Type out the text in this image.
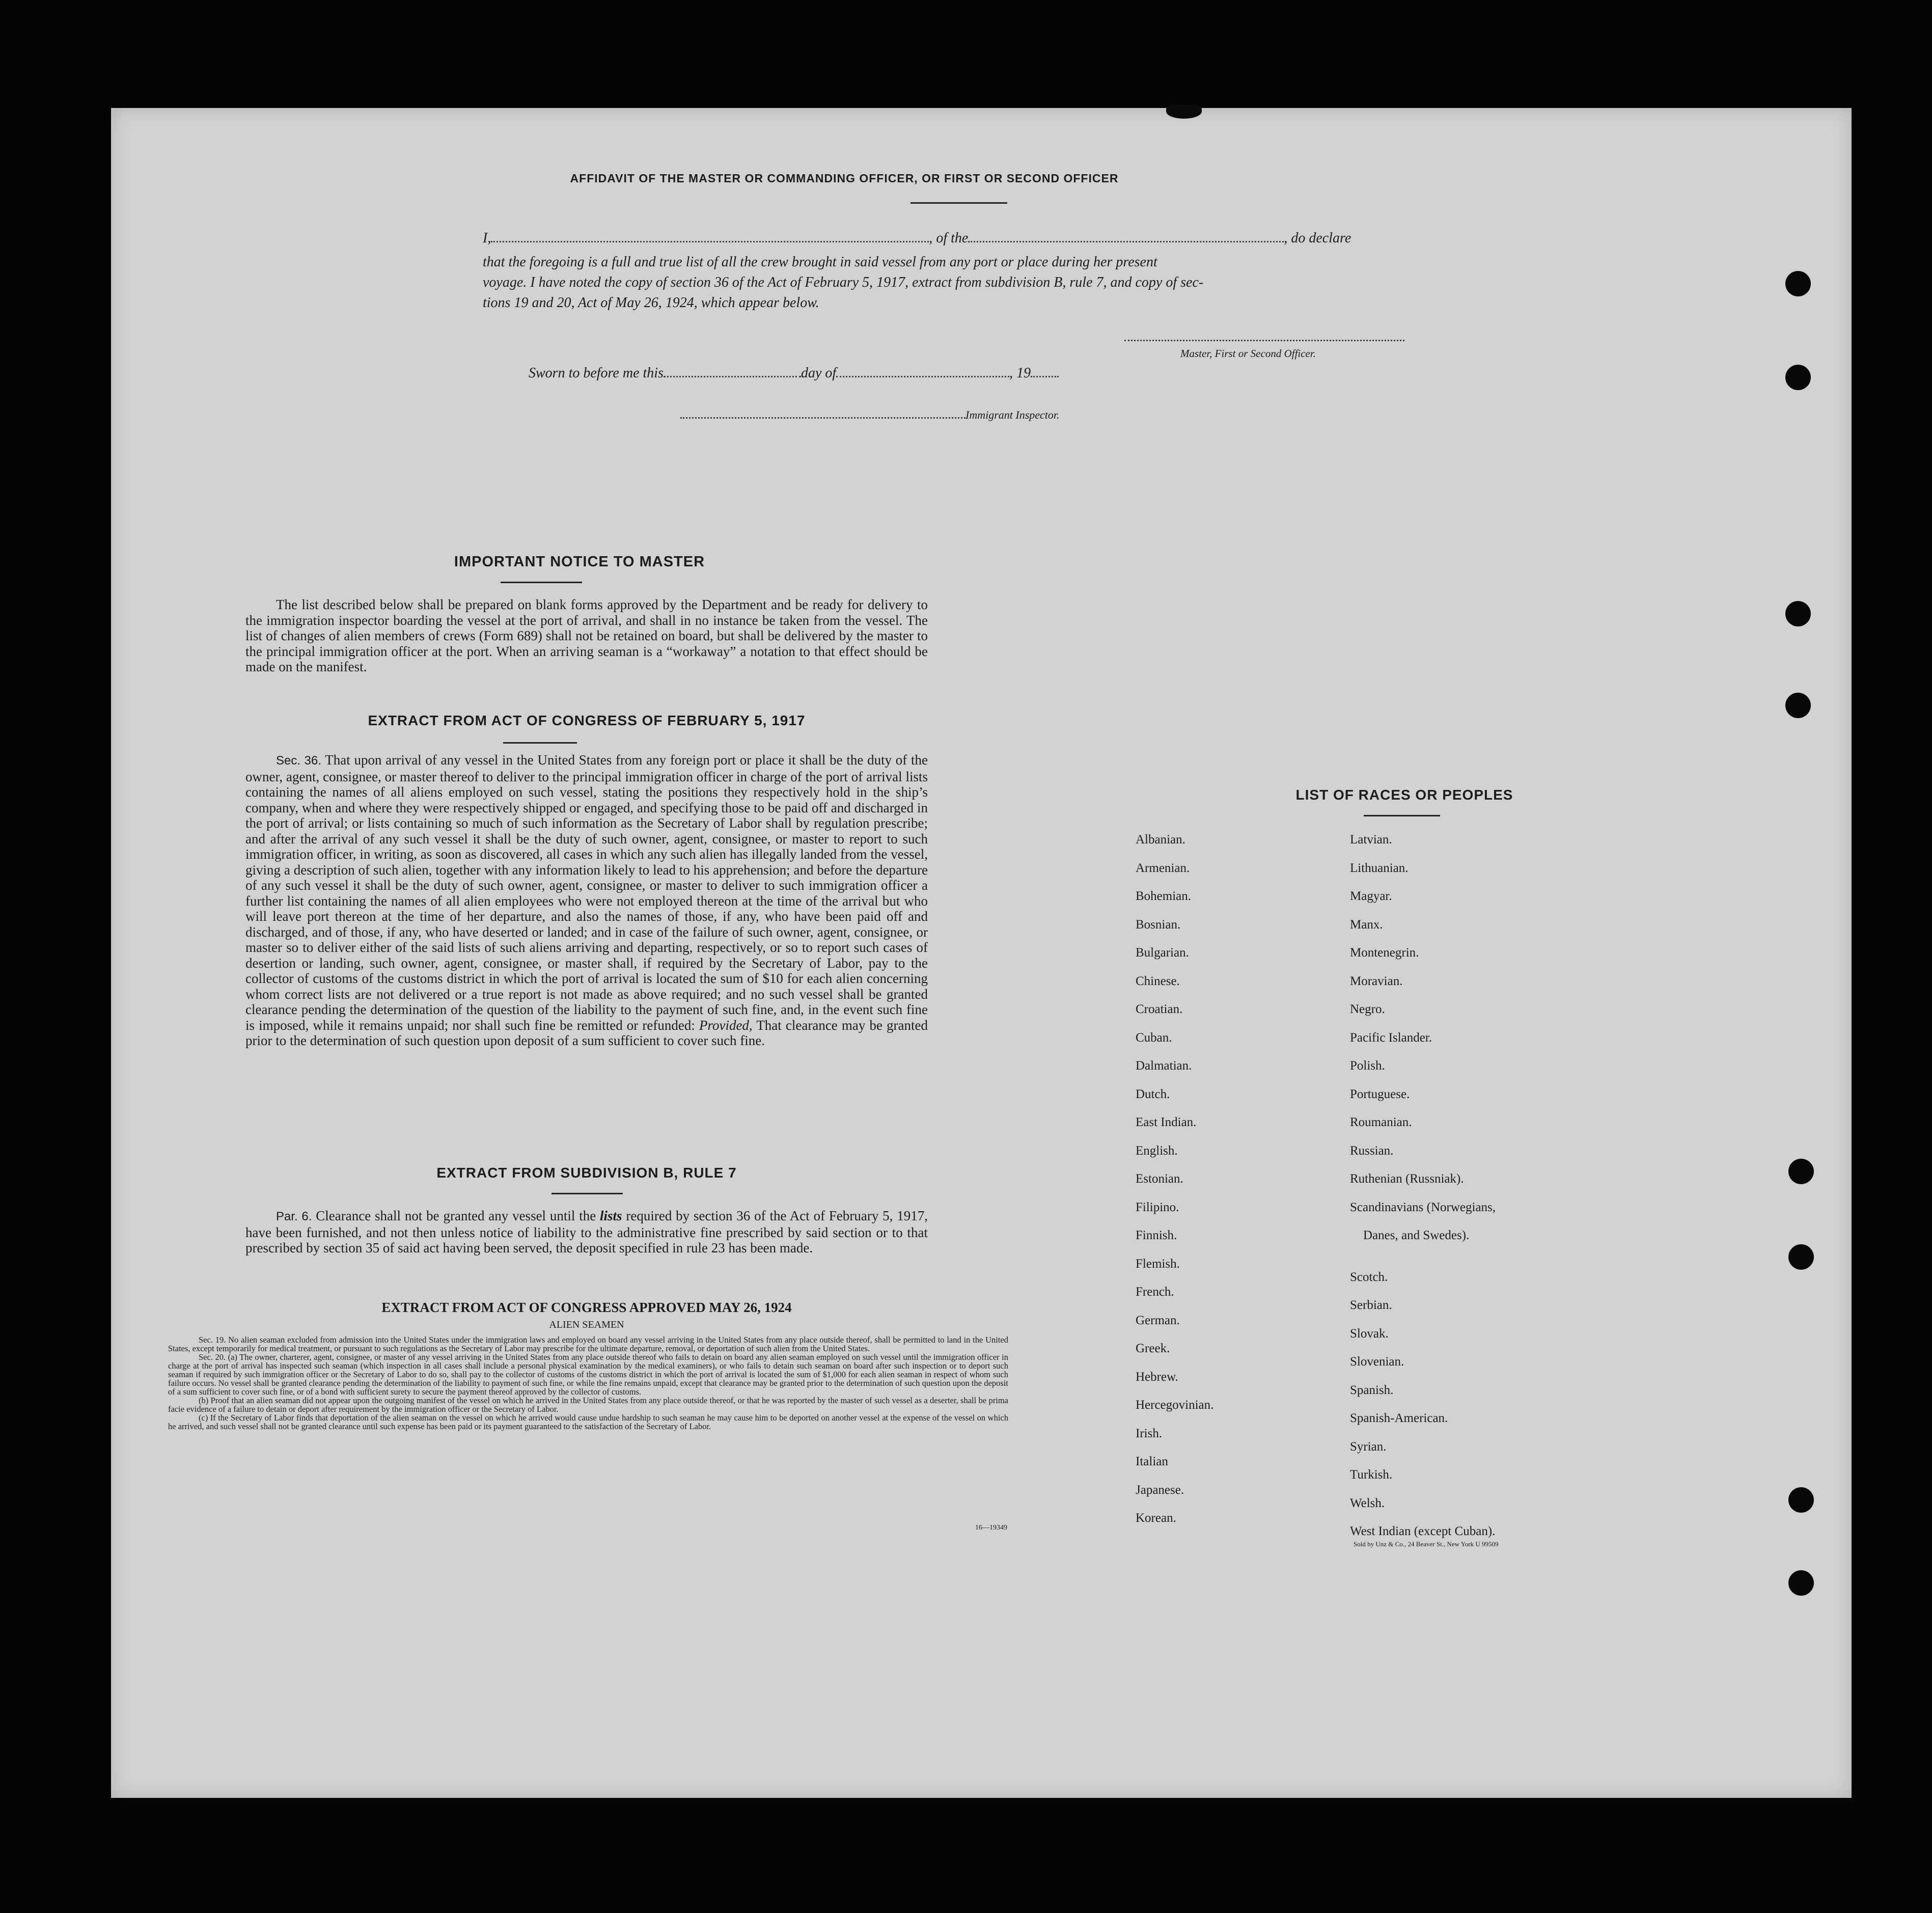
AFFIDAVIT OF THE MASTER OR COMMANDING OFFICER, OR FIRST OR SECOND OFFICER
I,	, of the	, do declare
that the foregoing is a full and true list of all the crew brought in said vessel from any port or place during her present
voyage. I have noted the copy of section 36 of the Act of February 5, 1917, extract from subdivision B, rule 7, and copy of sec-
tions 19 and 20, Act of May 26, 1924, which appear below.
Master, First or Second Officer.
Sworn to before me this	day of	, 19
Immigrant Inspector.
IMPORTANT NOTICE TO MASTER
The list described below shall be prepared on blank forms approved by the Department and be ready for delivery to the immigration inspector boarding the vessel at the port of arrival, and shall in no instance be taken from the vessel. The list of changes of alien members of crews (Form 689) shall not be retained on board, but shall be delivered by the master to the principal immigration officer at the port. When an arriving seaman is a “workaway” a notation to that effect should be made on the manifest.
EXTRACT FROM ACT OF CONGRESS OF FEBRUARY 5, 1917
Sec. 36. That upon arrival of any vessel in the United States from any foreign port or place it shall be the duty of the owner, agent, consignee, or master thereof to deliver to the principal immigration officer in charge of the port of arrival lists containing the names of all aliens employed on such vessel, stating the positions they respectively hold in the ship’s company, when and where they were respectively shipped or engaged, and specifying those to be paid off and discharged in the port of arrival; or lists containing so much of such information as the Secretary of Labor shall by regulation prescribe; and after the arrival of any such vessel it shall be the duty of such owner, agent, consignee, or master to report to such immigration officer, in writing, as soon as discovered, all cases in which any such alien has illegally landed from the vessel, giving a description of such alien, together with any information likely to lead to his apprehension; and before the departure of any such vessel it shall be the duty of such owner, agent, consignee, or master to deliver to such immigration officer a further list containing the names of all alien employees who were not employed thereon at the time of the arrival but who will leave port thereon at the time of her departure, and also the names of those, if any, who have been paid off and discharged, and of those, if any, who have deserted or landed; and in case of the failure of such owner, agent, consignee, or master so to deliver either of the said lists of such aliens arriving and departing, respectively, or so to report such cases of desertion or landing, such owner, agent, consignee, or master shall, if required by the Secretary of Labor, pay to the collector of customs of the customs district in which the port of arrival is located the sum of $10 for each alien concerning whom correct lists are not delivered or a true report is not made as above required; and no such vessel shall be granted clearance pending the determination of the question of the liability to the payment of such fine, and, in the event such fine is imposed, while it remains unpaid; nor shall such fine be remitted or refunded: Provided, That clearance may be granted prior to the determination of such question upon deposit of a sum sufficient to cover such fine.
EXTRACT FROM SUBDIVISION B, RULE 7
Par. 6. Clearance shall not be granted any vessel until the lists required by section 36 of the Act of February 5, 1917, have been furnished, and not then unless notice of liability to the administrative fine prescribed by said section or to that prescribed by section 35 of said act having been served, the deposit specified in rule 23 has been made.
EXTRACT FROM ACT OF CONGRESS APPROVED MAY 26, 1924
ALIEN SEAMEN
Sec. 19. No alien seaman excluded from admission into the United States under the immigration laws and employed on board any vessel arriving in the United States from any place outside thereof, shall be permitted to land in the United States, except temporarily for medical treatment, or pursuant to such regulations as the Secretary of Labor may prescribe for the ultimate departure, removal, or deportation of such alien from the United States.
Sec. 20. (a) The owner, charterer, agent, consignee, or master of any vessel arriving in the United States from any place outside thereof who fails to detain on board any alien seaman employed on such vessel until the immigration officer in charge at the port of arrival has inspected such seaman (which inspection in all cases shall include a personal physical examination by the medical examiners), or who fails to detain such seaman on board after such inspection or to deport such seaman if required by such immigration officer or the Secretary of Labor to do so, shall pay to the collector of customs of the customs district in which the port of arrival is located the sum of $1,000 for each alien seaman in respect of whom such failure occurs. No vessel shall be granted clearance pending the determination of the liability to payment of such fine, or while the fine remains unpaid, except that clearance may be granted prior to the determination of such question upon the deposit of a sum sufficient to cover such fine, or of a bond with sufficient surety to secure the payment thereof approved by the collector of customs.
(b) Proof that an alien seaman did not appear upon the outgoing manifest of the vessel on which he arrived in the United States from any place outside thereof, or that he was reported by the master of such vessel as a deserter, shall be prima facie evidence of a failure to detain or deport after requirement by the immigration officer or the Secretary of Labor.
(c) If the Secretary of Labor finds that deportation of the alien seaman on the vessel on which he arrived would cause undue hardship to such seaman he may cause him to be deported on another vessel at the expense of the vessel on which he arrived, and such vessel shall not be granted clearance until such expense has been paid or its payment guaranteed to the satisfaction of the Secretary of Labor.
16—19349
LIST OF RACES OR PEOPLES
Sold by Unz & Co., 24 Beaver St., New York U 99509
Albanian.
Armenian.
Bohemian.
Bosnian.
Bulgarian.
Chinese.
Croatian.
Cuban.
Dalmatian.
Dutch.
East Indian.
English.
Estonian.
Filipino.
Finnish.
Flemish.
French.
German.
Greek.
Hebrew.
Hercegovinian.
Irish.
Italian
Japanese.
Korean.
Latvian.
Lithuanian.
Magyar.
Manx.
Montenegrin.
Moravian.
Negro.
Pacific Islander.
Polish.
Portuguese.
Roumanian.
Russian.
Ruthenian (Russniak).
Scandinavians (Norwegians,
Danes, and Swedes).
Scotch.
Serbian.
Slovak.
Slovenian.
Spanish.
Spanish-American.
Syrian.
Turkish.
Welsh.
West Indian (except Cuban).
